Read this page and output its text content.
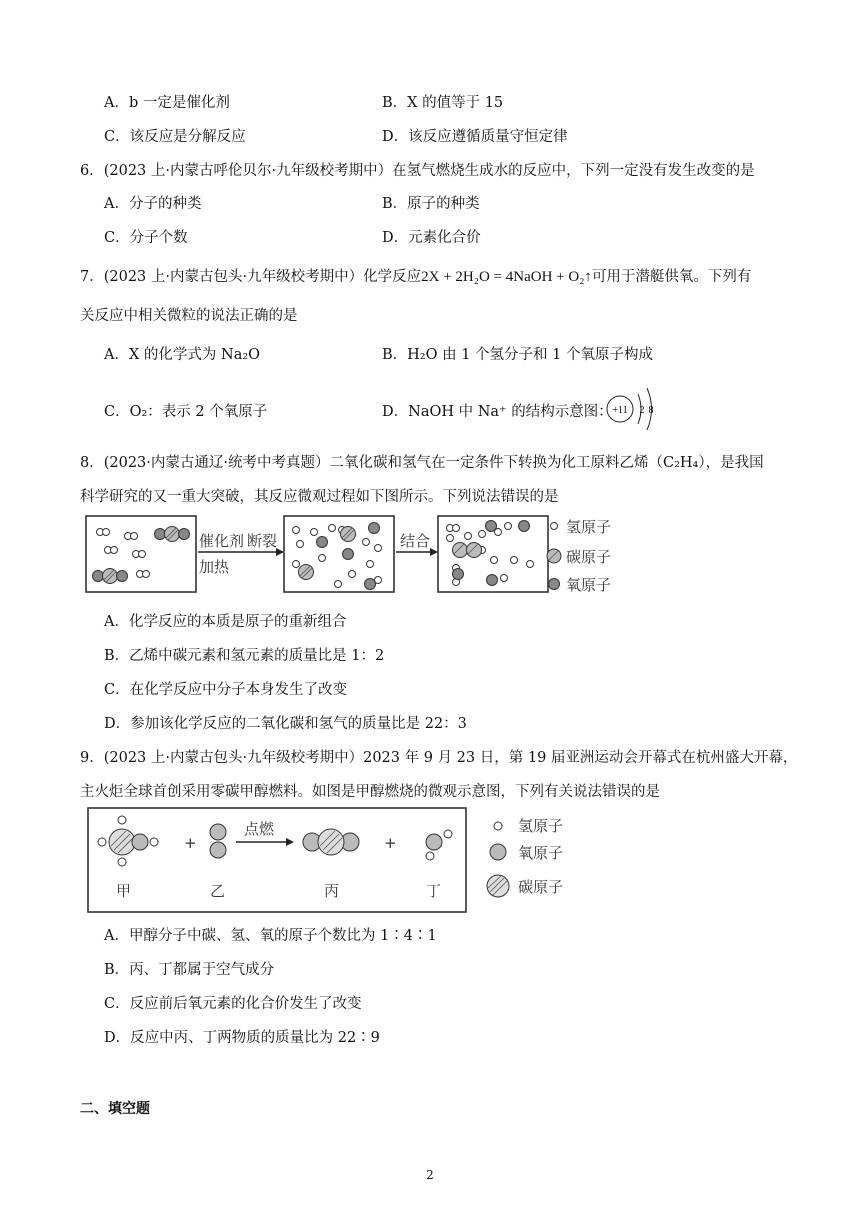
A．b 一定是催化剂	B．X 的值等于 15
C．该反应是分解反应	D．该反应遵循质量守恒定律
6．(2023 上·内蒙古呼伦贝尔·九年级校考期中）在氢气燃烧生成水的反应中，下列一定没有发生改变的是
A．分子的种类	B．原子的种类
C．分子个数	D．元素化合价
7．(2023 上·内蒙古包头·九年级校考期中）化学反应2X + 2H₂O = 4NaOH + O₂↑可用于潜艇供氧。下列有
关反应中相关微粒的说法正确的是
A．X 的化学式为 Na₂O	B．H₂O 由 1 个氢分子和 1 个氧原子构成
C．O₂：表示 2 个氧原子	D．NaOH 中 Na⁺ 的结构示意图： +11 2 8
8．(2023·内蒙古通辽·统考中考真题）二氧化碳和氢气在一定条件下转换为化工原料乙烯（C₂H₄），是我国
科学研究的又一重大突破，其反应微观过程如下图所示。下列说法错误的是
催化剂 断裂
加热
结合
氢原子
碳原子
氧原子
A．化学反应的本质是原子的重新组合
B．乙烯中碳元素和氢元素的质量比是 1：2
C．在化学反应中分子本身发生了改变
D．参加该化学反应的二氧化碳和氢气的质量比是 22：3
9．(2023 上·内蒙古包头·九年级校考期中）2023 年 9 月 23 日，第 19 届亚洲运动会开幕式在杭州盛大开幕，
主火炬全球首创采用零碳甲醇燃料。如图是甲醇燃烧的微观示意图，下列有关说法错误的是
+
点燃
+
甲	乙	丙	丁
氢原子
氧原子
碳原子
A．甲醇分子中碳、氢、氧的原子个数比为 1∶4∶1
B．丙、丁都属于空气成分
C．反应前后氧元素的化合价发生了改变
D．反应中丙、丁两物质的质量比为 22∶9
二、填空题
2
